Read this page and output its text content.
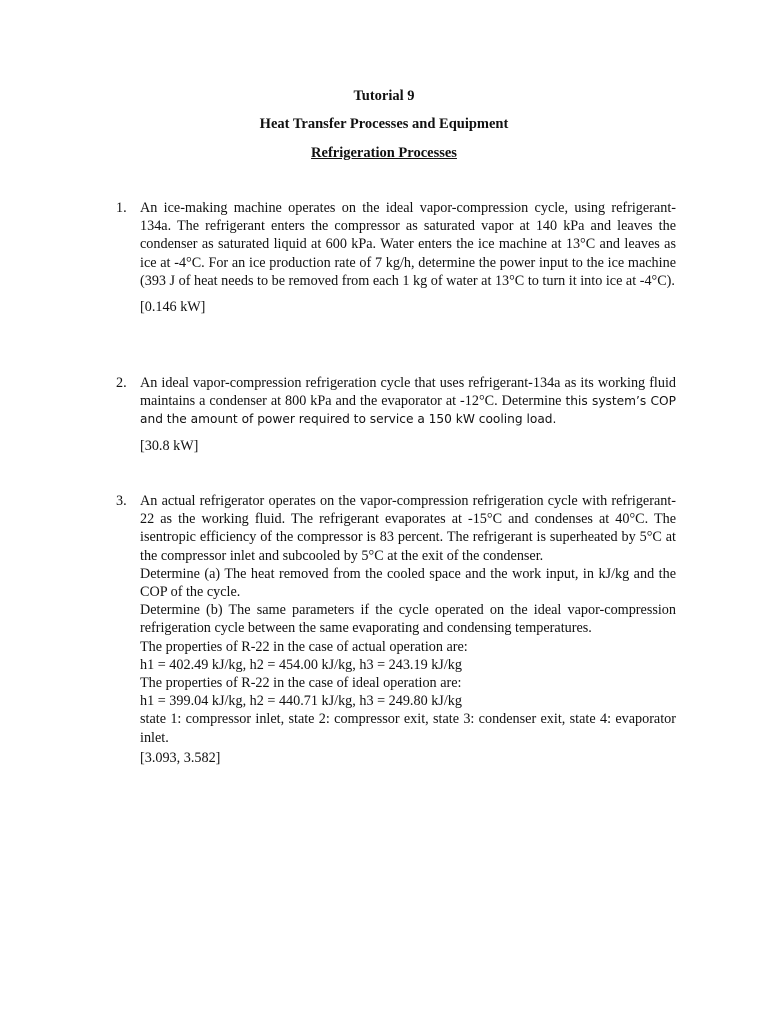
Tutorial 9
Heat Transfer Processes and Equipment
Refrigeration Processes
1. An ice-making machine operates on the ideal vapor-compression cycle, using refrigerant-134a. The refrigerant enters the compressor as saturated vapor at 140 kPa and leaves the condenser as saturated liquid at 600 kPa. Water enters the ice machine at 13°C and leaves as ice at -4°C. For an ice production rate of 7 kg/h, determine the power input to the ice machine (393 J of heat needs to be removed from each 1 kg of water at 13°C to turn it into ice at -4°C).

[0.146 kW]
2. An ideal vapor-compression refrigeration cycle that uses refrigerant-134a as its working fluid maintains a condenser at 800 kPa and the evaporator at -12°C. Determine this system’s COP and the amount of power required to service a 150 kW cooling load.

[30.8 kW]
3. An actual refrigerator operates on the vapor-compression refrigeration cycle with refrigerant-22 as the working fluid. The refrigerant evaporates at -15°C and condenses at 40°C. The isentropic efficiency of the compressor is 83 percent. The refrigerant is superheated by 5°C at the compressor inlet and subcooled by 5°C at the exit of the condenser.

Determine (a) The heat removed from the cooled space and the work input, in kJ/kg and the COP of the cycle.

Determine (b) The same parameters if the cycle operated on the ideal vapor-compression refrigeration cycle between the same evaporating and condensing temperatures.

The properties of R-22 in the case of actual operation are:

h1 = 402.49 kJ/kg, h2 = 454.00 kJ/kg, h3 = 243.19 kJ/kg

The properties of R-22 in the case of ideal operation are:

h1 = 399.04 kJ/kg, h2 = 440.71 kJ/kg, h3 = 249.80 kJ/kg

state 1: compressor inlet, state 2: compressor exit, state 3: condenser exit, state 4: evaporator inlet.

[3.093, 3.582]
